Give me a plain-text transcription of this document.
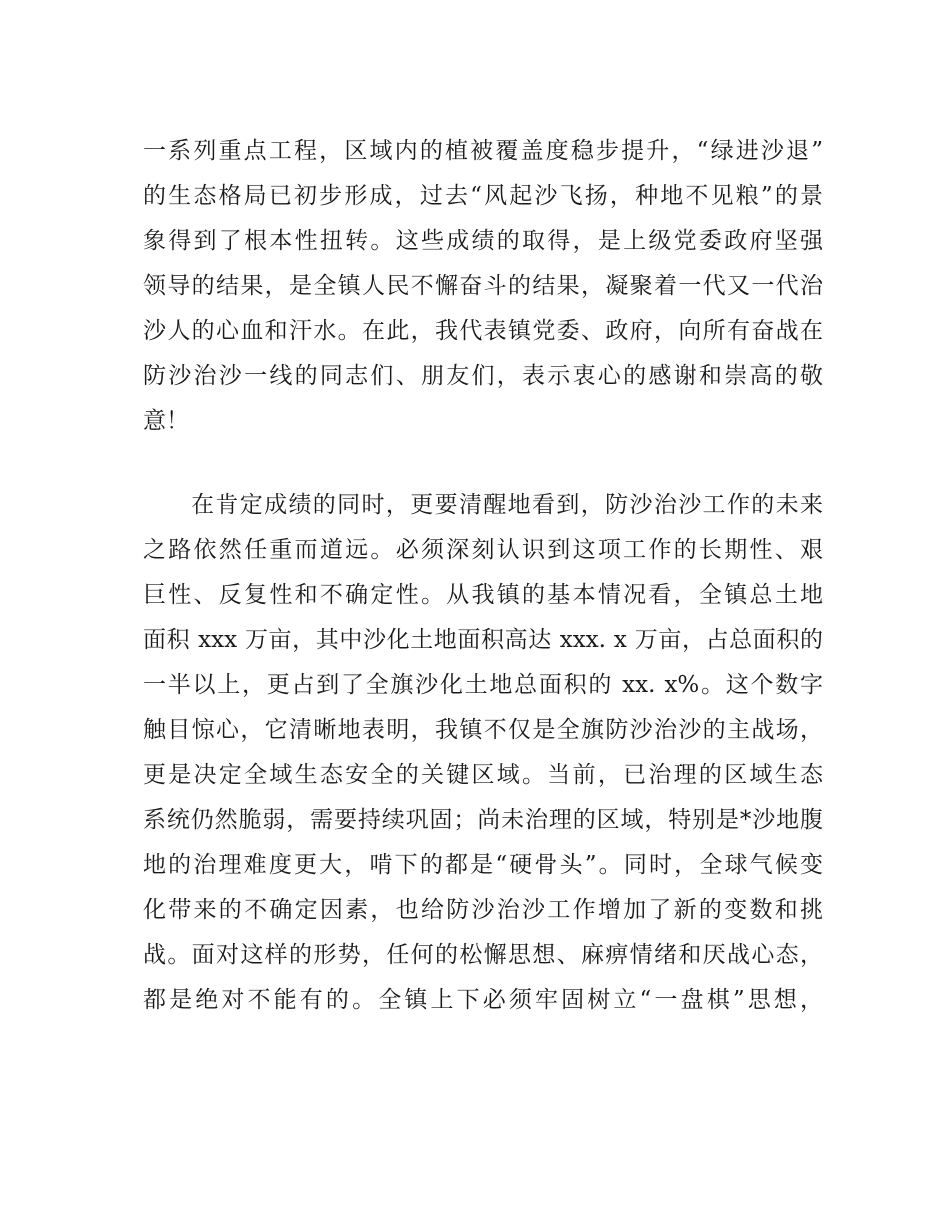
一系列重点工程，区域内的植被覆盖度稳步提升，“绿进沙退”

的生态格局已初步形成，过去“风起沙飞扬，种地不见粮”的景

象得到了根本性扭转。这些成绩的取得，是上级党委政府坚强

领导的结果，是全镇人民不懈奋斗的结果，凝聚着一代又一代治

沙人的心血和汗水。在此，我代表镇党委、政府，向所有奋战在

防沙治沙一线的同志们、朋友们，表示衷心的感谢和崇高的敬

意！

在肯定成绩的同时，更要清醒地看到，防沙治沙工作的未来

之路依然任重而道远。必须深刻认识到这项工作的长期性、艰

巨性、反复性和不确定性。从我镇的基本情况看，全镇总土地

面积 xxx 万亩，其中沙化土地面积高达 xxx. x 万亩，占总面积的

一半以上，更占到了全旗沙化土地总面积的 xx. x%。这个数字

触目惊心，它清晰地表明，我镇不仅是全旗防沙治沙的主战场，

更是决定全域生态安全的关键区域。当前，已治理的区域生态

系统仍然脆弱，需要持续巩固；尚未治理的区域，特别是*沙地腹

地的治理难度更大，啃下的都是“硬骨头”。同时，全球气候变

化带来的不确定因素，也给防沙治沙工作增加了新的变数和挑

战。面对这样的形势，任何的松懈思想、麻痹情绪和厌战心态，

都是绝对不能有的。全镇上下必须牢固树立“一盘棋”思想，
